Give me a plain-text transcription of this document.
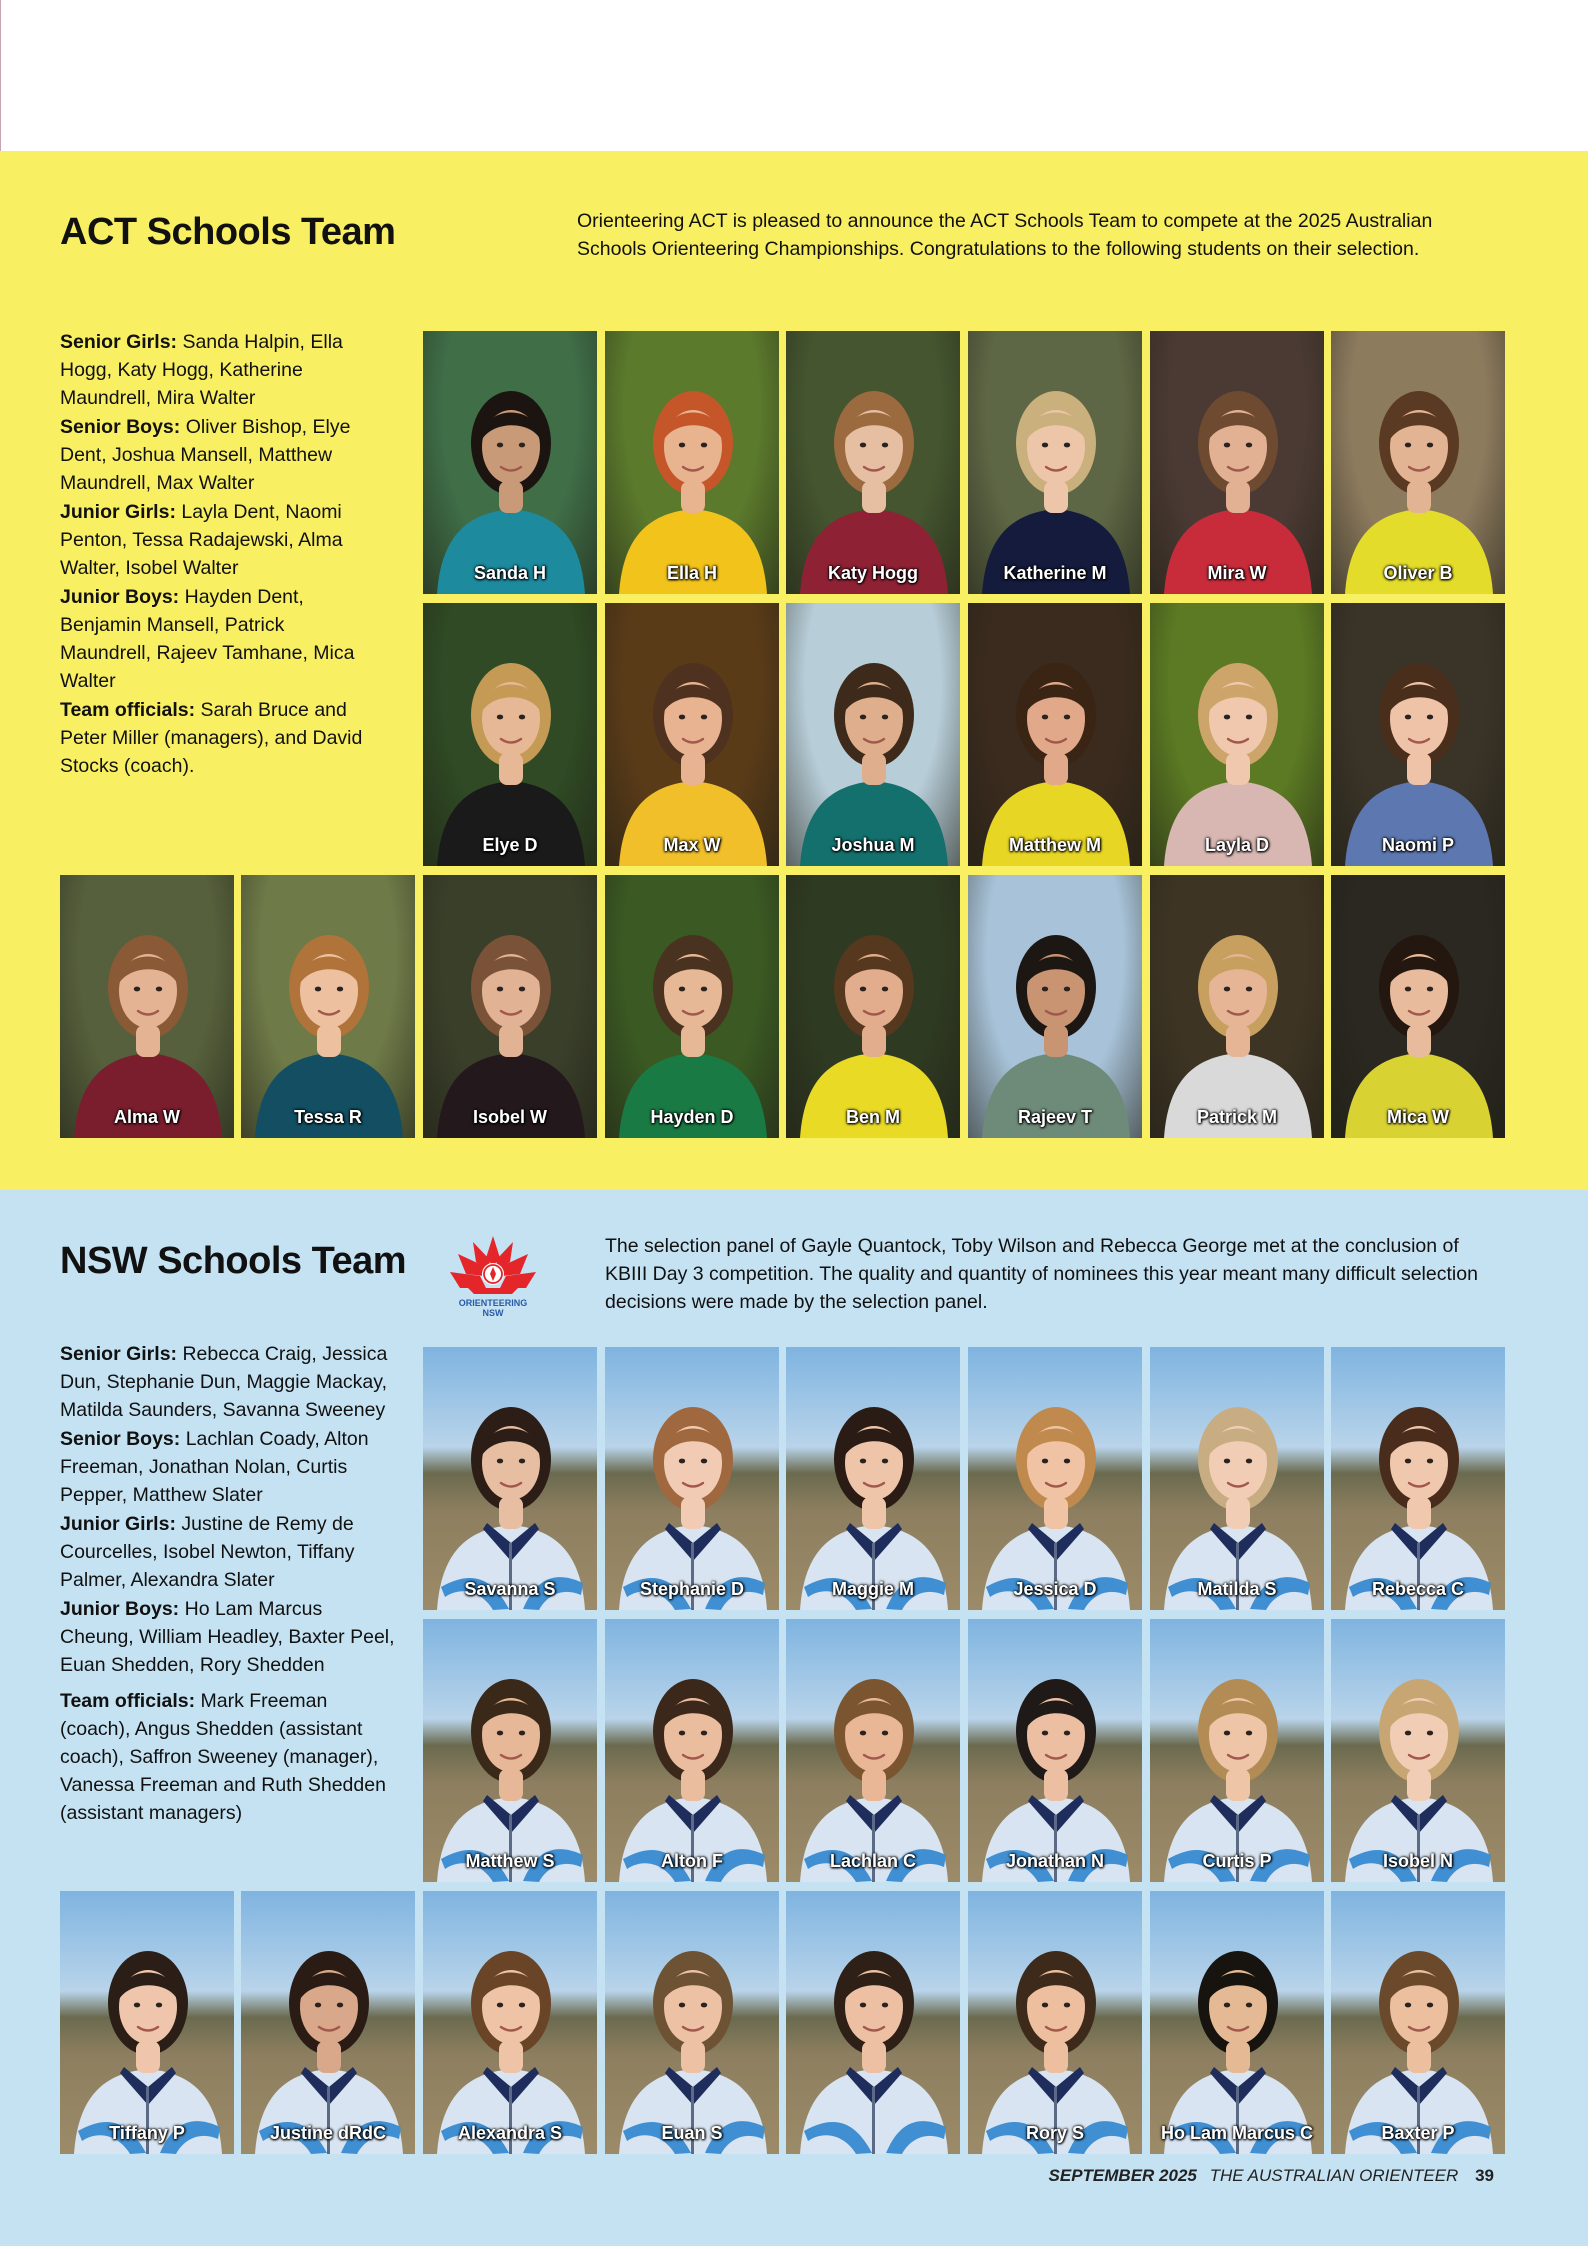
ACT Schools Team	Orienteering ACT is pleased to announce the ACT Schools Team to compete at the 2025 Australian Schools Orienteering Championships. Congratulations to the following students on their selection.

Senior Girls: Sanda Halpin, Ella Hogg, Katy Hogg, Katherine Maundrell, Mira Walter

Senior Boys: Oliver Bishop, Elye Dent, Joshua Mansell, Matthew Maundrell, Max Walter

Junior Girls: Layla Dent, Naomi Penton, Tessa Radajewski, Alma Walter, Isobel Walter

Junior Boys: Hayden Dent, Benjamin Mansell, Patrick Maundrell, Rajeev Tamhane, Mica Walter

Team officials: Sarah Bruce and Peter Miller (managers), and David Stocks (coach).

Sanda H	Ella H	Katy Hogg	Katherine M	Mira W	Oliver B
Elye D	Max W	Joshua M	Matthew M	Layla D	Naomi P
Alma W	Tessa R	Isobel W	Hayden D	Ben M	Rajeev T	Patrick M	Mica W
NSW Schools Team
ORIENTEERING
NSW

The selection panel of Gayle Quantock, Toby Wilson and Rebecca George met at the conclusion of KBIII Day 3 competition. The quality and quantity of nominees this year meant many difficult selection decisions were made by the selection panel.

Senior Girls: Rebecca Craig, Jessica Dun, Stephanie Dun, Maggie Mackay, Matilda Saunders, Savanna Sweeney

Senior Boys: Lachlan Coady, Alton Freeman, Jonathan Nolan, Curtis Pepper, Matthew Slater

Junior Girls: Justine de Remy de Courcelles, Isobel Newton, Tiffany Palmer, Alexandra Slater

Junior Boys: Ho Lam Marcus Cheung, William Headley, Baxter Peel, Euan Shedden, Rory Shedden

Team officials: Mark Freeman (coach), Angus Shedden (assistant coach), Saffron Sweeney (manager), Vanessa Freeman and Ruth Shedden (assistant managers)

Savanna S	Stephanie D	Maggie M	Jessica D	Matilda S	Rebecca C
Matthew S	Alton F	Lachlan C	Jonathan N	Curtis P	Isobel N
Tiffany P	Justine dRdC	Alexandra S	Euan S	Rory S	Ho Lam Marcus C	Baxter P
SEPTEMBER 2025 THE AUSTRALIAN ORIENTEER 39
